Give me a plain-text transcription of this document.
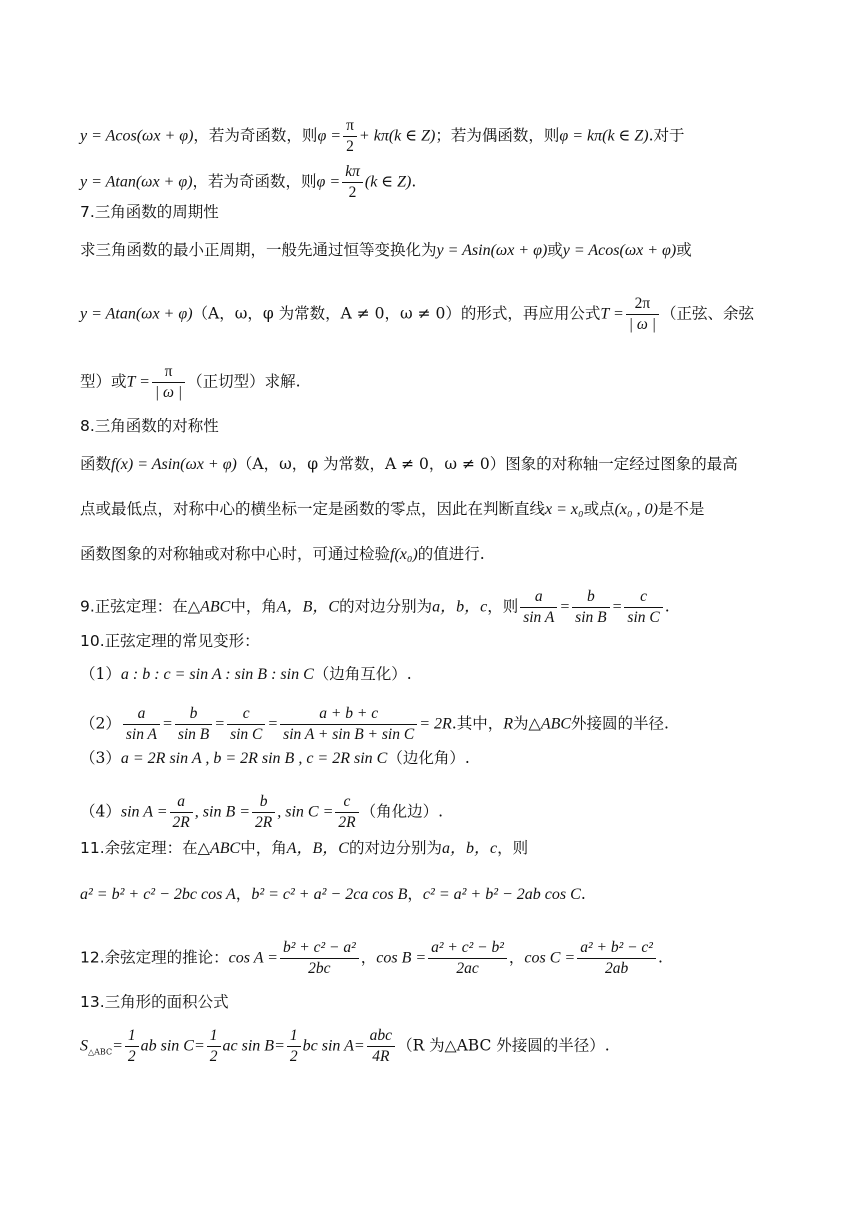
y = Acos(ωx + φ)，若为奇函数，则$\varphi = \frac{\pi}{2} + k\pi(k$ ∈ Z)；若为偶函数，则φ = kπ(k ∈ Z).对于
y = Atan(ωx + φ)，若为奇函数，则$\varphi = \frac{k\pi}{2} (k$ ∈ Z).
7.三角函数的周期性
求三角函数的最小正周期，一般先通过恒等变换化为y = Asin(ωx + φ)或y = Acos(ωx + φ)或
y = Atan(ωx + φ)（A，ω，φ 为常数，A ≠ 0，ω ≠ 0）的形式，再应用公式$T = \frac{2\pi}{| \omega |}$ （正弦、余弦
型）或$T = \frac{\pi}{| \omega |}$ （正切型）求解.
8.三角函数的对称性
函数f(x) = Asin(ωx + φ)（A，ω，φ 为常数，A ≠ 0，ω ≠ 0）图象的对称轴一定经过图象的最高
点或最低点，对称中心的横坐标一定是函数的零点，因此在判断直线x = x₀或点(x₀ , 0)是不是
函数图象的对称轴或对称中心时，可通过检验f(x₀)的值进行.
9.正弦定理：在△ABC中，角A，B，C的对边分别为a，b，c，则 $\frac{a}{\text{sin A}} = \frac{b}{\text{sin B}} = \frac{c}{\text{sin C}}$ .
10.正弦定理的常见变形：
（1）a : b : c = sin A : sin B : sin C（边角互化）.
$(2) \frac{a}{\text{sin A}} = \frac{b}{\text{sin B}} = \frac{c}{\text{sin C}} = \frac{a + b + c}{\text{sin A + sin B + sin C}} = 2R$.其中，R为△ABC外接圆的半径.
（3）a = 2R sin A , b = 2R sin B , c = 2R sin C（边化角）.
（4）sin $A = \frac{a}{2R}$ , $\sin B = \frac{b}{2R}$ , $\sin C = \frac{c}{2R}$ （角化边）.
11.余弦定理：在△ABC中，角A，B，C的对边分别为a，b，c，则
a² = b² + c² − 2bc cos A，b² = c² + a² − 2ca cos B，c² = a² + b² − 2ab cos C.
12.余弦定理的推论：$\cos A = \frac{\text{b² + c² − a²}}{2bc}$ ，$\cos B = \frac{\text{a² + c² − b²}}{2ac}$ ，$\cos C = \frac{\text{a² + b² − c²}}{2ab}$ .
13.三角形的面积公式
$S_{\triangle ABC}= \frac{1}{2}$ ab $\sin C= \frac{1}{2}$ ac $\sin B= \frac{1}{2}$ bc $\sin A= \frac{\text{abc}}{4R} (R$ 为△ABC 外接圆的半径）.
